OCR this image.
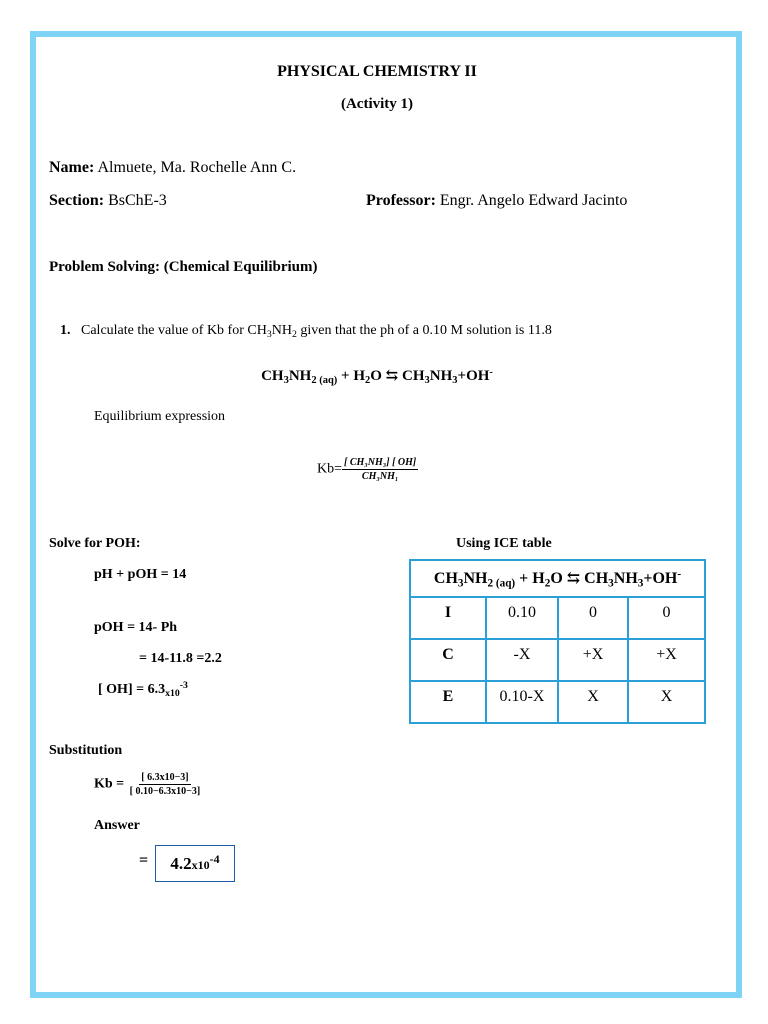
PHYSICAL CHEMISTRY II
(Activity 1)
Name: Almuete, Ma. Rochelle Ann C.
Section: BsChE-3	Professor: Engr. Angelo Edward Jacinto
Problem Solving: (Chemical Equilibrium)
1. Calculate the value of Kb for $CH_3NH_2$ given that the ph of a 0.10 M solution is 11.8
$CH_3NH_{2 (aq)} + H_2O$ ⇆ $CH_3NH_3+OH^-$
Equilibrium expression
$Kb= \frac{\text{[ CH₃NH₃] [ OH]}}{\text{CH₃NH₁}}$
Solve for POH:
pH + pOH = 14
pOH = 14- Ph
= 14-11.8 =2.2
[ $OH] = 6.3_{x10}^{-3}$
Using ICE table
$CH_3NH_{2 (aq)} + H_2O$ ⇆ $CH_3NH_3+OH^-$
I	0.10	0	0
C	-X	+X	+X
E	0.10-X	X	X
Substitution
$Kb = \frac{[ 6.3x10-3]}{[ 0.10-6.3x10-3]}$
Answer
= $4.2x10^{-4}$
